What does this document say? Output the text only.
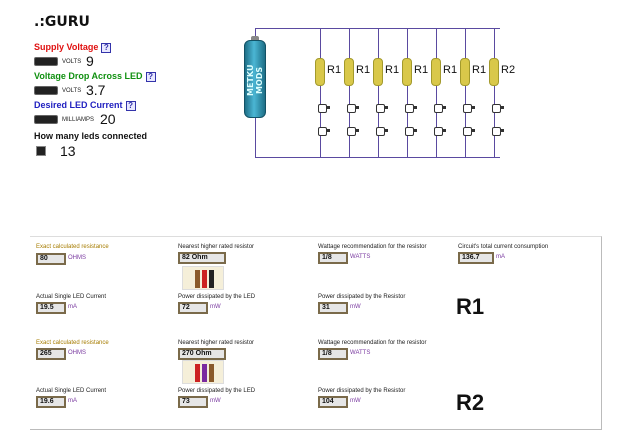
.:GURU
Supply Voltage ?
VOLTS 9
Voltage Drop Across LED ?
VOLTS 3.7
Desired LED Current ?
MILLIAMPS 20
How many leds connected
13
METKU MODS	R1 R1 R1 R1 R1 R1 R2
Exact calculated resistance
80	OHMS
Nearest higher rated resistor
82 Ohm
Wattage recommendation for the resistor
1/8	WATTS
Circuit's total current consumption
136.7	mA
Actual Single LED Current
19.5	mA
Power dissipated by the LED
72	mW
Power dissipated by the Resistor
31	mW	R1
Exact calculated resistance
265	OHMS
Nearest higher rated resistor
270 Ohm
Wattage recommendation for the resistor
1/8	WATTS
Actual Single LED Current
19.6	mA
Power dissipated by the LED
73	mW
Power dissipated by the Resistor
104	mW	R2
